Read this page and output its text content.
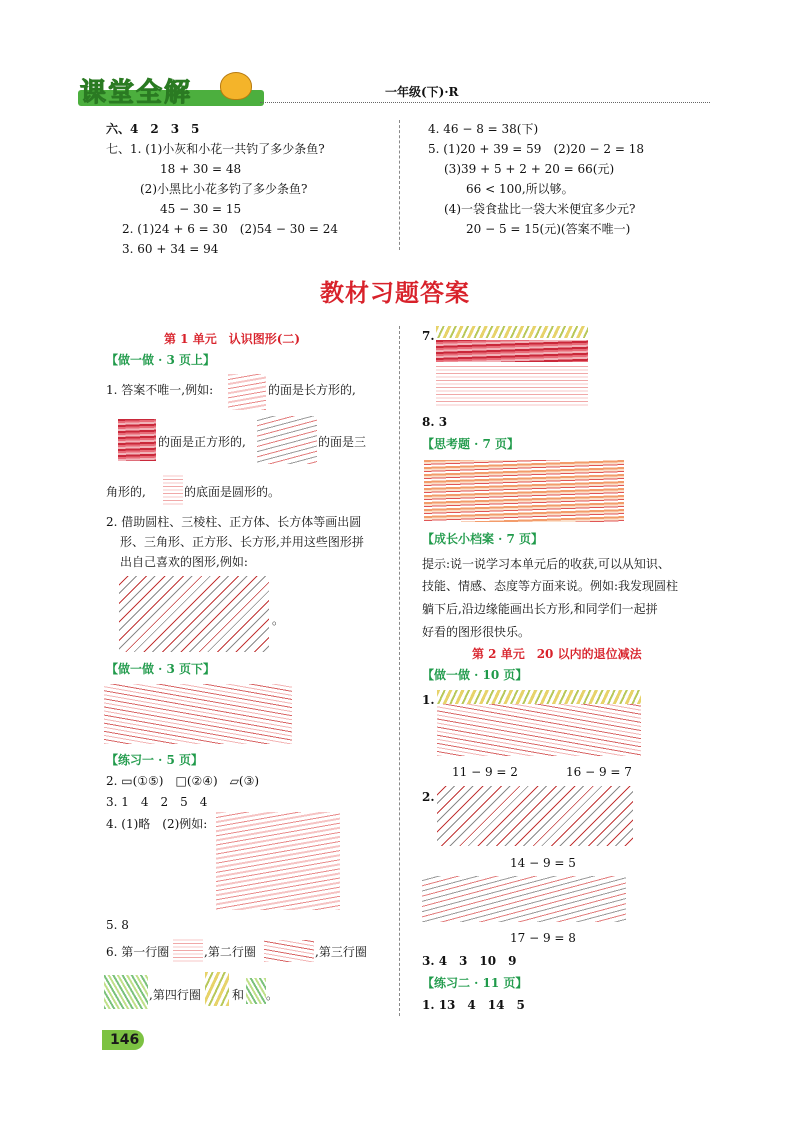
课堂全解	一年级(下)·R
六、4　2　3　5
七、1. (1)小灰和小花一共钓了多少条鱼?
18 + 30 = 48
(2)小黑比小花多钓了多少条鱼?
45 − 30 = 15
2. (1)24 + 6 = 30　(2)54 − 30 = 24
3. 60 + 34 = 94
4. 46 − 8 = 38(下)
5. (1)20 + 39 = 59　(2)20 − 2 = 18
(3)39 + 5 + 2 + 20 = 66(元)
66 < 100,所以够。
(4)一袋食盐比一袋大米便宜多少元?
20 − 5 = 15(元)(答案不唯一)
教材习题答案
第 1 单元　认识图形(二)
【做一做 · 3 页上】
1. 答案不唯一,例如:	的面是长方形的,
的面是正方形的,	的面是三
角形的,	的底面是圆形的。
2. 借助圆柱、三棱柱、正方体、长方体等画出圆
形、三角形、正方形、长方形,并用这些图形拼
出自己喜欢的图形,例如:
。
【做一做 · 3 页下】
【练习一 · 5 页】
2. ▭(①⑤)　□(②④)　▱(③)
3. 1　4　2　5　4
4. (1)略　(2)例如:
5. 8
6. 第一行圈	,第二行圈	,第三行圈
,第四行圈	和 。
7.
8. 3
【思考题 · 7 页】
【成长小档案 · 7 页】
提示:说一说学习本单元后的收获,可以从知识、
技能、情感、态度等方面来说。例如:我发现圆柱
躺下后,沿边缘能画出长方形,和同学们一起拼
好看的图形很快乐。
第 2 单元　20 以内的退位减法
【做一做 · 10 页】
1.
11 − 9 = 2	16 − 9 = 7
2.
14 − 9 = 5
17 − 9 = 8
3. 4　3　10　9
【练习二 · 11 页】
1. 13　4　14　5
146
